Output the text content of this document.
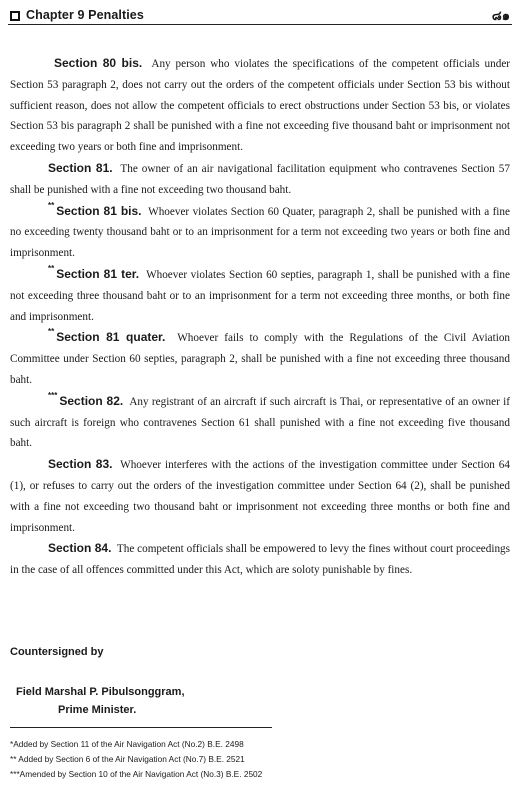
Chapter 9 Penalties	๘๑

Section 80 bis. Any person who violates the specifications of the competent officials under Section 53 paragraph 2, does not carry out the orders of the competent officials under Section 53 bis without sufficient reason, does not allow the competent officials to erect obstructions under Section 53 bis, or violates Section 53 bis paragraph 2 shall be punished with a fine not exceeding five thousand baht or imprisonment not exceeding two years or both fine and imprisonment.

Section 81. The owner of an air navigational facilitation equipment who contravenes Section 57 shall be punished with a fine not exceeding two thousand baht.

** Section 81 bis. Whoever violates Section 60 Quater, paragraph 2, shall be punished with a fine no exceeding twenty thousand baht or to an imprisonment for a term not exceeding two years or both fine and imprisonment.

** Section 81 ter. Whoever violates Section 60 septies, paragraph 1, shall be punished with a fine not exceeding three thousand baht or to an imprisonment for a term not exceeding three months, or both fine and imprisonment.

** Section 81 quater. Whoever fails to comply with the Regulations of the Civil Aviation Committee under Section 60 septies, paragraph 2, shall be punished with a fine not exceeding three thousand baht.

*** Section 82. Any registrant of an aircraft if such aircraft is Thai, or representative of an owner if such aircraft is foreign who contravenes Section 61 shall punished with a fine not exceeding five thousand baht.

Section 83. Whoever interferes with the actions of the investigation committee under Section 64 (1), or refuses to carry out the orders of the investigation committee under Section 64 (2), shall be punished with a fine not exceeding two thousand baht or imprisonment not exceeding three months or both fine and imprisonment.

Section 84. The competent officials shall be empowered to levy the fines without court proceedings in the case of all offences committed under this Act, which are soloty punishable by fines.

Countersigned by

Field Marshal P. Pibulsonggram,

Prime Minister.

*Added by Section 11 of the Air Navigation Act (No.2) B.E. 2498

** Added by Section 6 of the Air Navigation Act (No.7) B.E. 2521

***Amended by Section 10 of the Air Navigation Act (No.3) B.E. 2502
